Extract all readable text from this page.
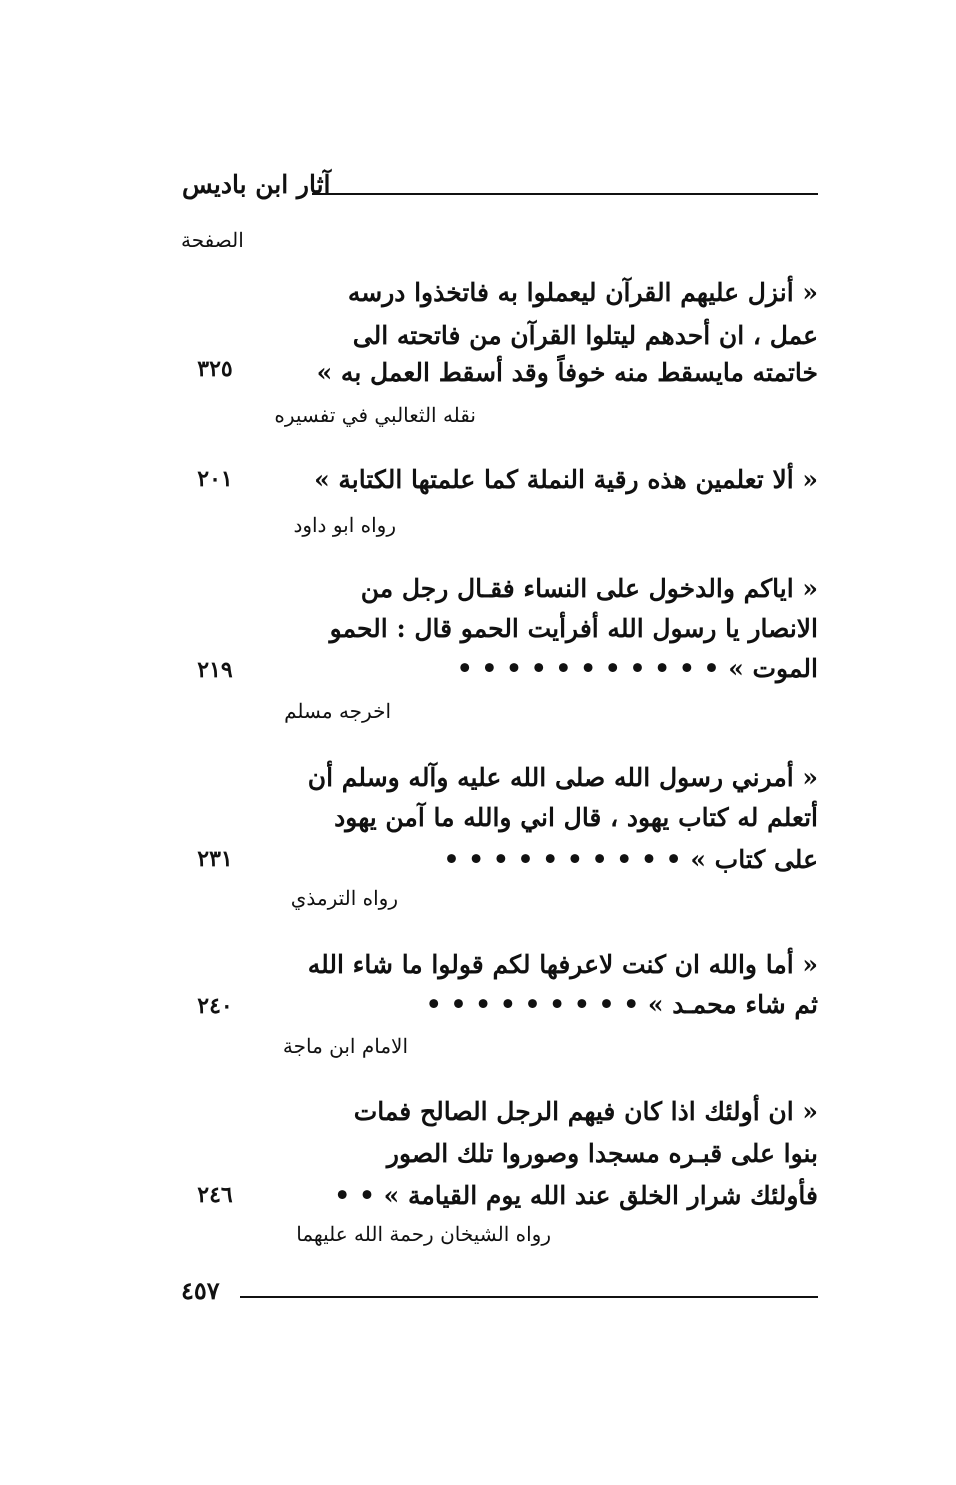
آثار ابن باديس
الصفحة
« أنزل عليهم القرآن ليعملوا به فاتخذوا درسه
عمل ، ان أحدهم ليتلوا القرآن من فاتحته الى
خاتمته مايسقط منه خوفاً وقد أسقط العمل به »
٣٢٥
نقله الثعالبي في تفسيره
« ألا تعلمين هذه رقية النملة كما علمتها الكتابة »
٢٠١
رواه ابو داود
« اياكم والدخول على النساء فقـال رجل من
الانصار يا رسول الله أفرأيت الحمو قال : الحمو
الموت » • • • • • • • • • • •
٢١٩
اخرجه مسلم
« أمرني رسول الله صلى الله عليه وآله وسلم أن
أتعلم له كتاب يهود ، قال اني والله ما آمن يهود
على كتاب » • • • • • • • • • •
٢٣١
رواه الترمذي
« أما والله ان كنت لاعرفها لكم قولوا ما شاء الله
ثم شاء محمـد » • • • • • • • • •
٢٤٠
الامام ابن ماجة
« ان أولئك اذا كان فيهم الرجل الصالح فمات
بنوا على قبـره مسجدا وصوروا تلك الصور
فأولئك شرار الخلق عند الله يوم القيامة » • •
٢٤٦
رواه الشيخان رحمة الله عليهما
٤٥٧
